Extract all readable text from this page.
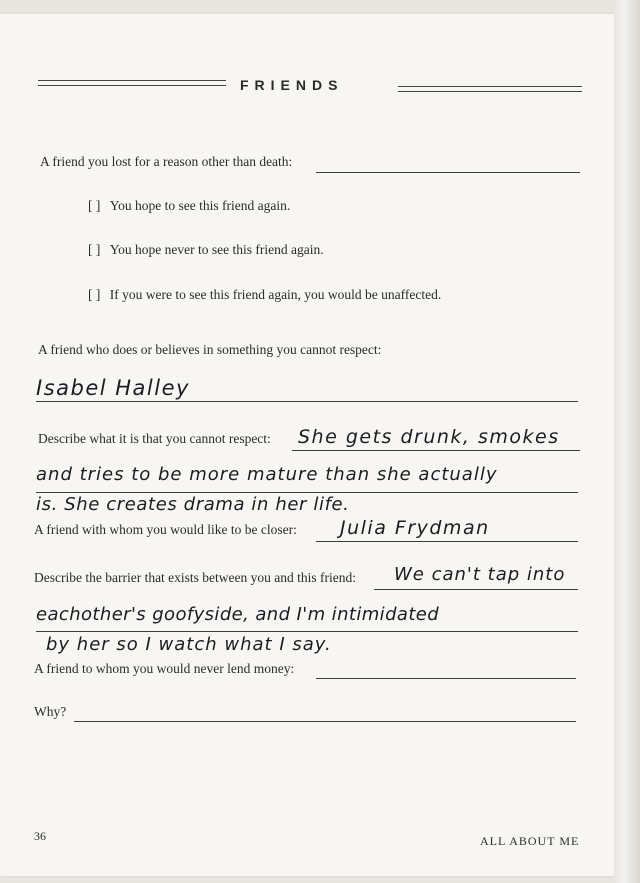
FRIENDS
A friend you lost for a reason other than death:
[ ] You hope to see this friend again.
[ ] You hope never to see this friend again.
[ ] If you were to see this friend again, you would be unaffected.
A friend who does or believes in something you cannot respect:
Isabel Halley
Describe what it is that you cannot respect: She gets drunk, smokes
and tries to be more mature than she actually
is. She creates drama in her life.
A friend with whom you would like to be closer: Julia Frydman
Describe the barrier that exists between you and this friend: We can't tap into
eachother's goofyside, and I'm intimidated
by her so I watch what I say.
A friend to whom you would never lend money:
Why?
36	ALL ABOUT ME
